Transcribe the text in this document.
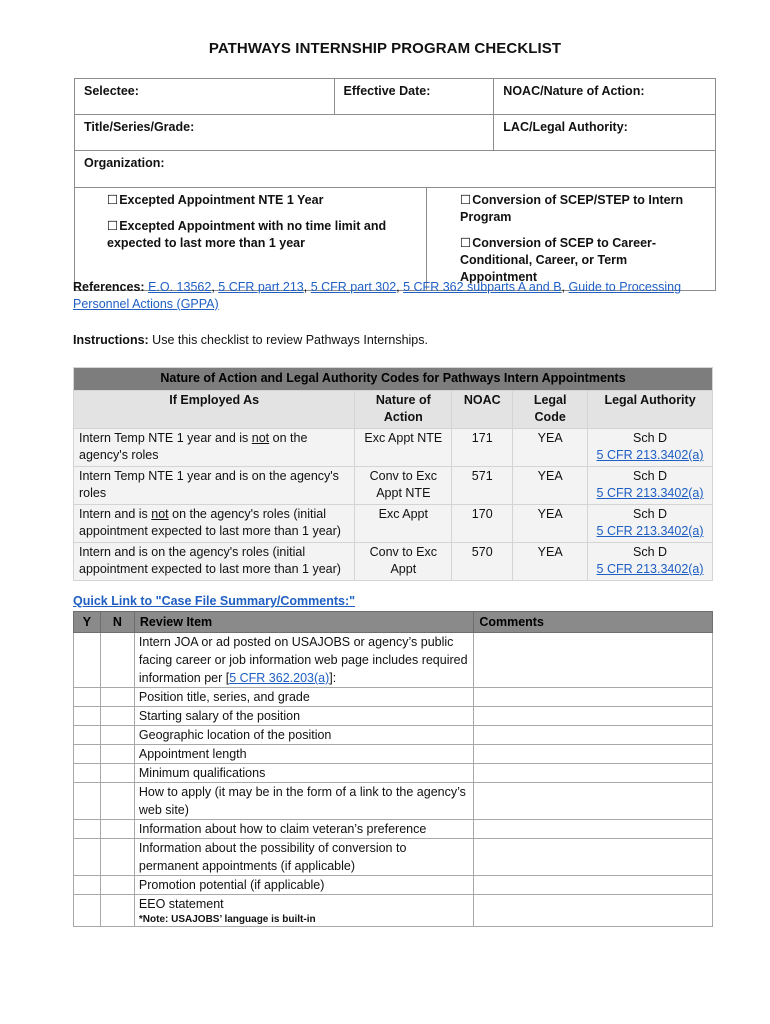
PATHWAYS INTERNSHIP PROGRAM CHECKLIST
Selectee:	Effective Date:	NOAC/Nature of Action:
Title/Series/Grade:	LAC/Legal Authority:
Organization:

☐Excepted Appointment NTE 1 Year
☐Excepted Appointment with no time limit and expected to last more than 1 year

☐Conversion of SCEP/STEP to Intern Program
☐Conversion of SCEP to Career-Conditional, Career, or Term Appointment
References: E.O. 13562, 5 CFR part 213, 5 CFR part 302, 5 CFR 362 subparts A and B, Guide to Processing Personnel Actions (GPPA)
Instructions: Use this checklist to review Pathways Internships.
Nature of Action and Legal Authority Codes for Pathways Intern Appointments				
If Employed As	Nature of Action	NOAC	Legal Code	Legal Authority
Intern Temp NTE 1 year and is not on the agency's roles	Exc Appt NTE	171	YEA	Sch D
5 CFR 213.3402(a)
Intern Temp NTE 1 year and is on the agency's roles	Conv to Exc Appt NTE	571	YEA	Sch D
5 CFR 213.3402(a)
Intern and is not on the agency's roles (initial appointment expected to last more than 1 year)	Exc Appt	170	YEA	Sch D
5 CFR 213.3402(a)
Intern and is on the agency's roles (initial appointment expected to last more than 1 year)	Conv to Exc Appt	570	YEA	Sch D
5 CFR 213.3402(a)
Quick Link to "Case File Summary/Comments:"
Y	N	Review Item	Comments
		Intern JOA or ad posted on USAJOBS or agency’s public facing career or job information web page includes required information per [5 CFR 362.203(a)]:	
		Position title, series, and grade	
		Starting salary of the position	
		Geographic location of the position	
		Appointment length	
		Minimum qualifications	
		How to apply (it may be in the form of a link to the agency’s web site)	
		Information about how to claim veteran’s preference	
		Information about the possibility of conversion to permanent appointments (if applicable)	
		Promotion potential (if applicable)	
		EEO statement
*Note: USAJOBS’ language is built-in	
